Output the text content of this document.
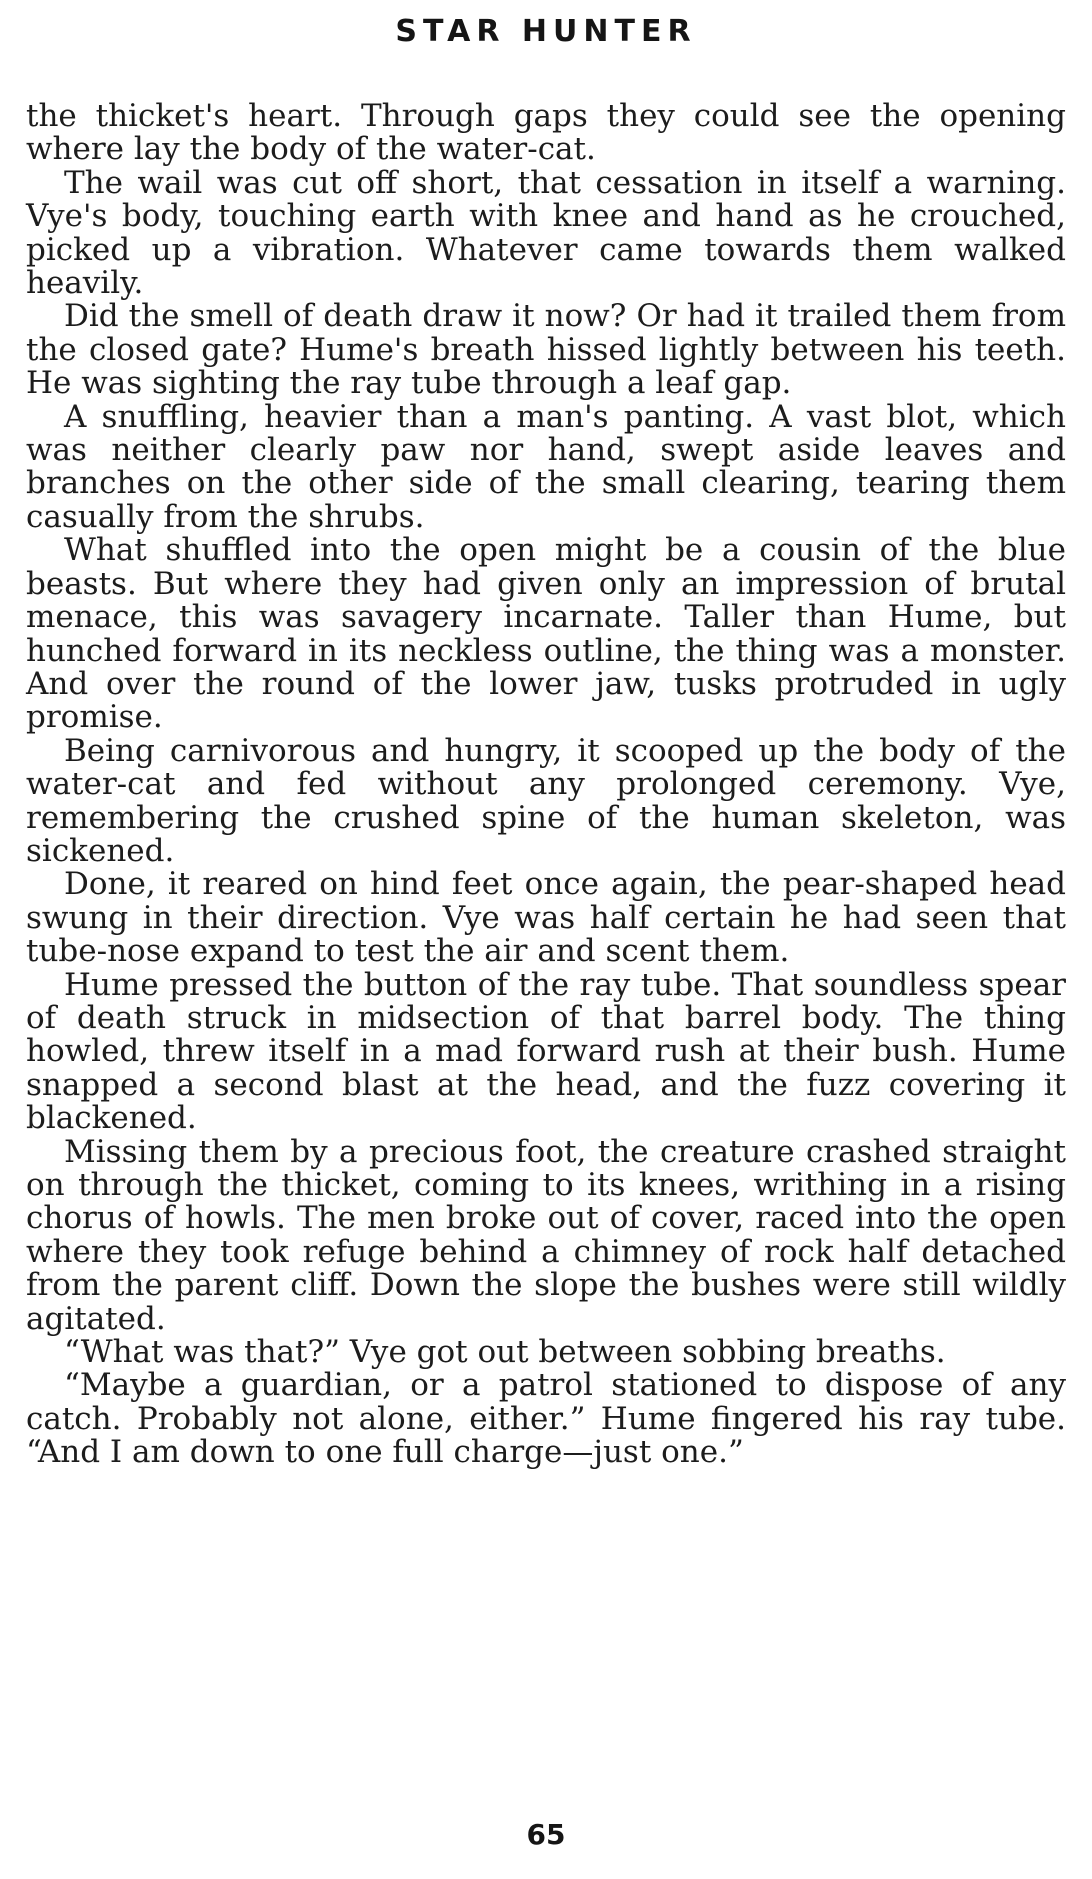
STAR HUNTER

the thicket's heart. Through gaps they could see the opening where lay the body of the water-cat.

The wail was cut off short, that cessation in itself a warning. Vye's body, touching earth with knee and hand as he crouched, picked up a vibration. Whatever came towards them walked heavily.

Did the smell of death draw it now? Or had it trailed them from the closed gate? Hume's breath hissed lightly between his teeth. He was sighting the ray tube through a leaf gap.

A snuffling, heavier than a man's panting. A vast blot, which was neither clearly paw nor hand, swept aside leaves and branches on the other side of the small clearing, tearing them casually from the shrubs.

What shuffled into the open might be a cousin of the blue beasts. But where they had given only an impression of brutal menace, this was savagery incarnate. Taller than Hume, but hunched forward in its neckless outline, the thing was a monster. And over the round of the lower jaw, tusks protruded in ugly promise.

Being carnivorous and hungry, it scooped up the body of the water-cat and fed without any prolonged ceremony. Vye, remembering the crushed spine of the human skeleton, was sickened.

Done, it reared on hind feet once again, the pear-shaped head swung in their direction. Vye was half certain he had seen that tube-nose expand to test the air and scent them.

Hume pressed the button of the ray tube. That soundless spear of death struck in midsection of that barrel body. The thing howled, threw itself in a mad forward rush at their bush. Hume snapped a second blast at the head, and the fuzz covering it blackened.

Missing them by a precious foot, the creature crashed straight on through the thicket, coming to its knees, writhing in a rising chorus of howls. The men broke out of cover, raced into the open where they took refuge behind a chimney of rock half detached from the parent cliff. Down the slope the bushes were still wildly agitated.

“What was that?” Vye got out between sobbing breaths.

“Maybe a guardian, or a patrol stationed to dispose of any catch. Probably not alone, either.” Hume fingered his ray tube. “And I am down to one full charge—just one.”

65
